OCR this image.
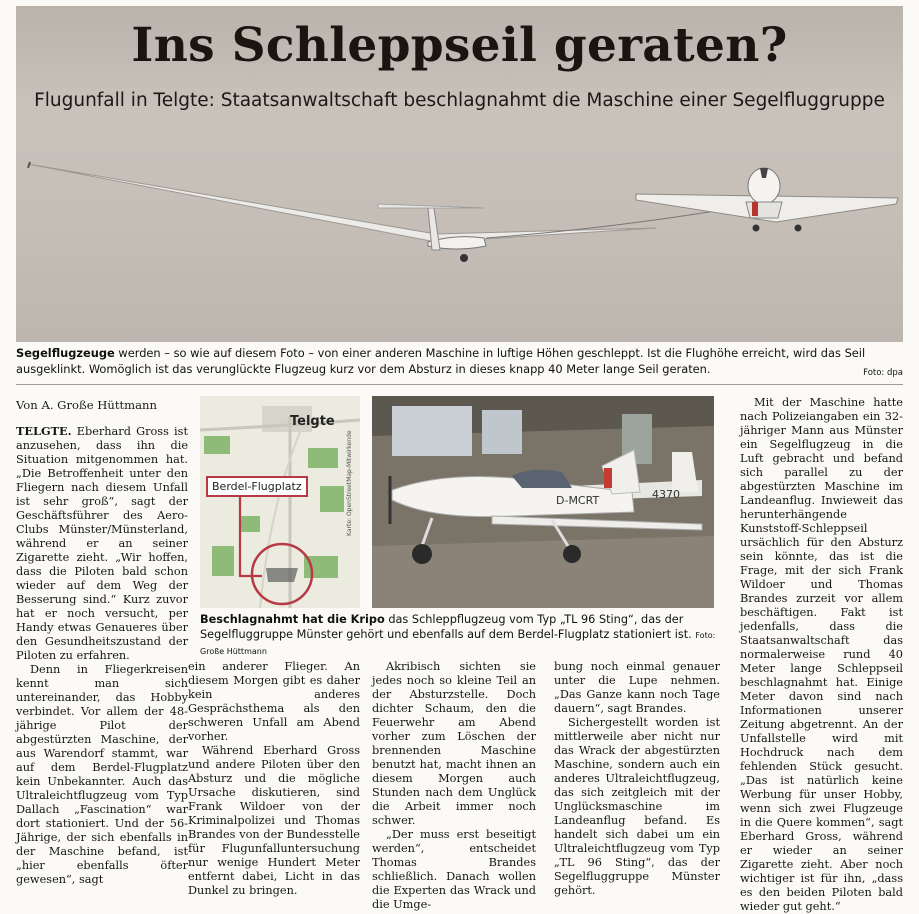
Ins Schleppseil geraten?
Flugunfall in Telgte: Staatsanwaltschaft beschlagnahmt die Maschine einer Segelfluggruppe
Segelflugzeuge werden – so wie auf diesem Foto – von einer anderen Maschine in luftige Höhen geschleppt. Ist die Flughöhe erreicht, wird das Seil ausgeklinkt. Womöglich ist das verunglückte Flugzeug kurz vor dem Absturz in dieses knapp 40 Meter lange Seil geraten.	Foto: dpa
Von A. Große Hüttmann

TELGTE. Eberhard Gross ist anzusehen, dass ihn die Situation mitgenommen hat. „Die Betroffenheit unter den Fliegern nach diesem Unfall ist sehr groß“, sagt der Geschäftsführer des Aero-Clubs Münster/Münsterland, während er an seiner Zigarette zieht. „Wir hoffen, dass die Piloten bald schon wieder auf dem Weg der Besserung sind.“ Kurz zuvor hat er noch versucht, per Handy etwas Genaueres über den Gesundheitszustand der Piloten zu erfahren.

Denn in Fliegerkreisen kennt man sich untereinander, das Hobby verbindet. Vor allem der 48-jährige Pilot der abgestürzten Maschine, der aus Warendorf stammt, war auf dem Berdel-Flugplatz kein Unbekannter. Auch das Ultraleichtflugzeug vom Typ Dallach „Fascination“ war dort stationiert. Und der 56-Jährige, der sich ebenfalls in der Maschine befand, ist „hier ebenfalls öfter gewesen“, sagt

Telgte
Berdel-Flugplatz	Karte: OpenStreetMap-Mitwirkende	D-MCRT	4370
Beschlagnahmt hat die Kripo das Schleppflugzeug vom Typ „TL 96 Sting“, das der Segelfluggruppe Münster gehört und ebenfalls auf dem Berdel-Flugplatz stationiert ist. Foto: Große Hüttmann

ein anderer Flieger. An diesem Morgen gibt es daher kein anderes Gesprächsthema als den schweren Unfall am Abend vorher.

Während Eberhard Gross und andere Piloten über den Absturz und die mögliche Ursache diskutieren, sind Frank Wildoer von der Kriminalpolizei und Thomas Brandes von der Bundesstelle für Flugunfalluntersuchung nur wenige Hundert Meter entfernt dabei, Licht in das Dunkel zu bringen.

Akribisch sichten sie jedes noch so kleine Teil an der Absturzstelle. Doch dichter Schaum, den die Feuerwehr am Abend vorher zum Löschen der brennenden Maschine benutzt hat, macht ihnen an diesem Morgen auch Stunden nach dem Unglück die Arbeit immer noch schwer.

„Der muss erst beseitigt werden“, entscheidet Thomas Brandes schließlich. Danach wollen die Experten das Wrack und die Umge-

bung noch einmal genauer unter die Lupe nehmen. „Das Ganze kann noch Tage dauern“, sagt Brandes.

Sichergestellt worden ist mittlerweile aber nicht nur das Wrack der abgestürzten Maschine, sondern auch ein anderes Ultraleichtflugzeug, das sich zeitgleich mit der Unglücksmaschine im Landeanflug befand. Es handelt sich dabei um ein Ultraleichtflugzeug vom Typ „TL 96 Sting“, das der Segelfluggruppe Münster gehört.

Mit der Maschine hatte nach Polizeiangaben ein 32-jähriger Mann aus Münster ein Segelflugzeug in die Luft gebracht und befand sich parallel zu der abgestürzten Maschine im Landeanflug. Inwieweit das herunterhängende Kunststoff-Schleppseil ursächlich für den Absturz sein könnte, das ist die Frage, mit der sich Frank Wildoer und Thomas Brandes zurzeit vor allem beschäftigen. Fakt ist jedenfalls, dass die Staatsanwaltschaft das normalerweise rund 40 Meter lange Schleppseil beschlagnahmt hat. Einige Meter davon sind nach Informationen unserer Zeitung abgetrennt. An der Unfallstelle wird mit Hochdruck nach dem fehlenden Stück gesucht. „Das ist natürlich keine Werbung für unser Hobby, wenn sich zwei Flugzeuge in die Quere kommen“, sagt Eberhard Gross, während er wieder an seiner Zigarette zieht. Aber noch wichtiger ist für ihn, „dass es den beiden Piloten bald wieder gut geht.“
